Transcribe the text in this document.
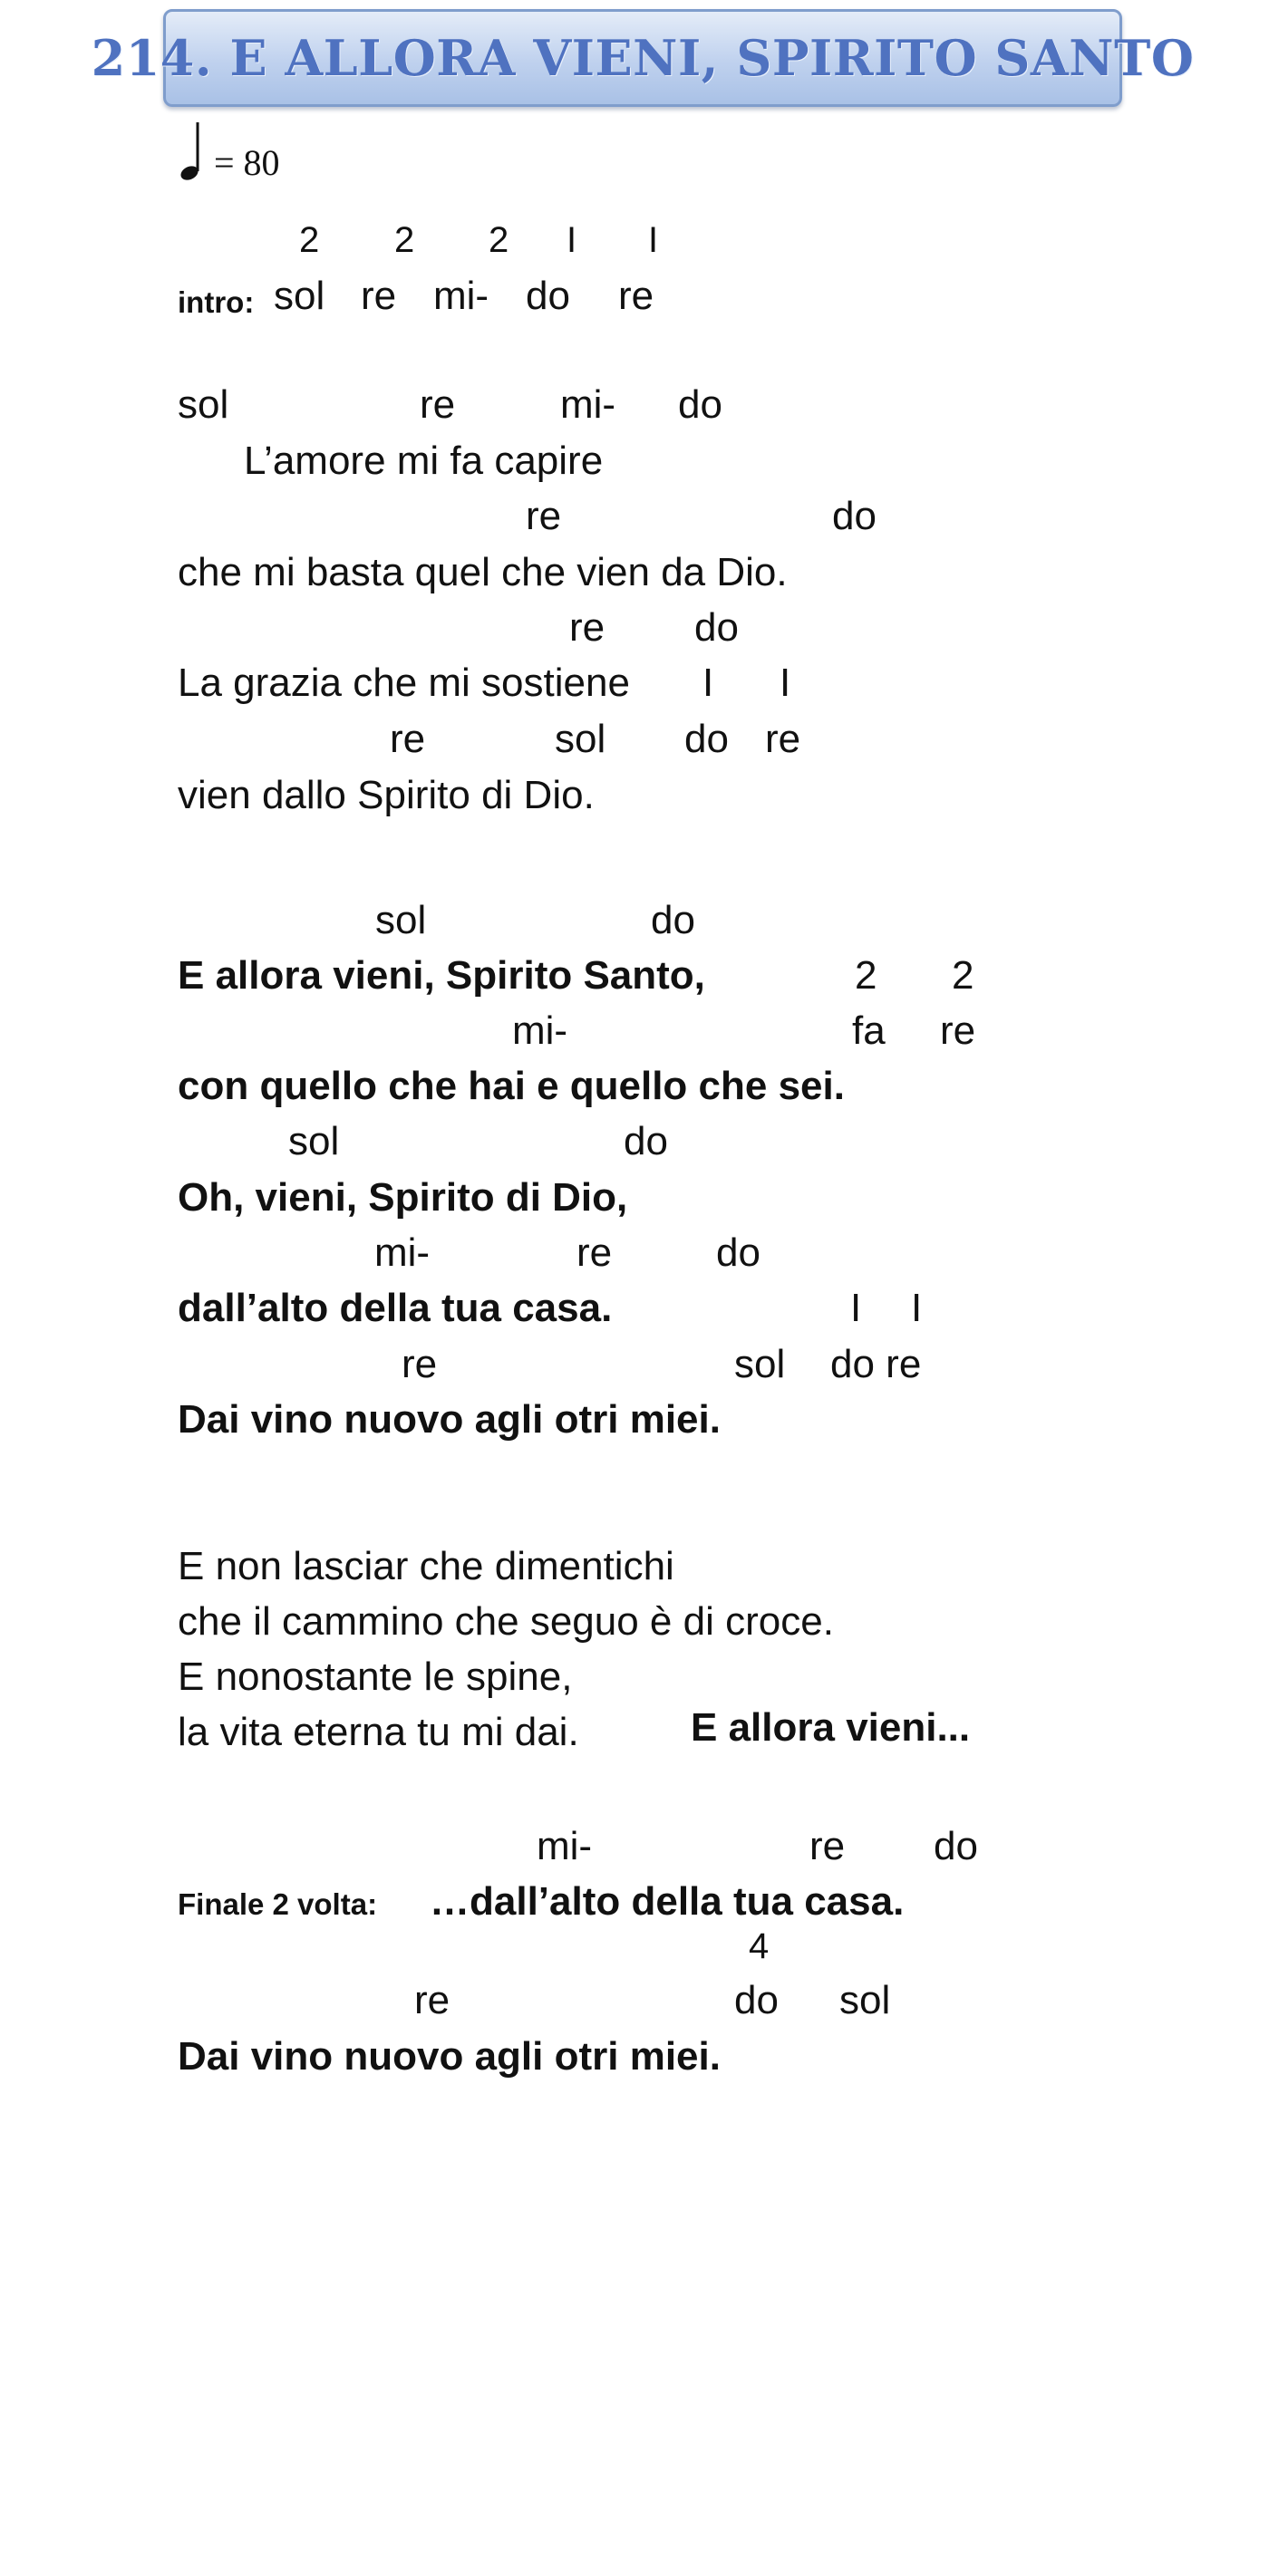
214. E ALLORA VIENI, SPIRITO SANTO
= 80
2 2 2 I I
intro: sol re mi- do re
sol	re	mi- do
L’amore mi fa capire
re	do
che mi basta quel che vien da Dio.
re do
La grazia che mi sostiene I I
re	sol do re
vien dallo Spirito di Dio.
sol	do
E allora vieni, Spirito Santo,	2 2
mi-	fa re
con quello che hai e quello che sei.
sol	do
Oh, vieni, Spirito di Dio,
mi-	re	do
dall’alto della tua casa.	I I
re	sol do re
Dai vino nuovo agli otri miei.
E non lasciar che dimentichi
che il cammino che seguo è di croce.
E nonostante le spine,
la vita eterna tu mi dai.	E allora vieni...
mi-	re do
Finale 2 volta: …dall’alto della tua casa.
4
re	do sol
Dai vino nuovo agli otri miei.
